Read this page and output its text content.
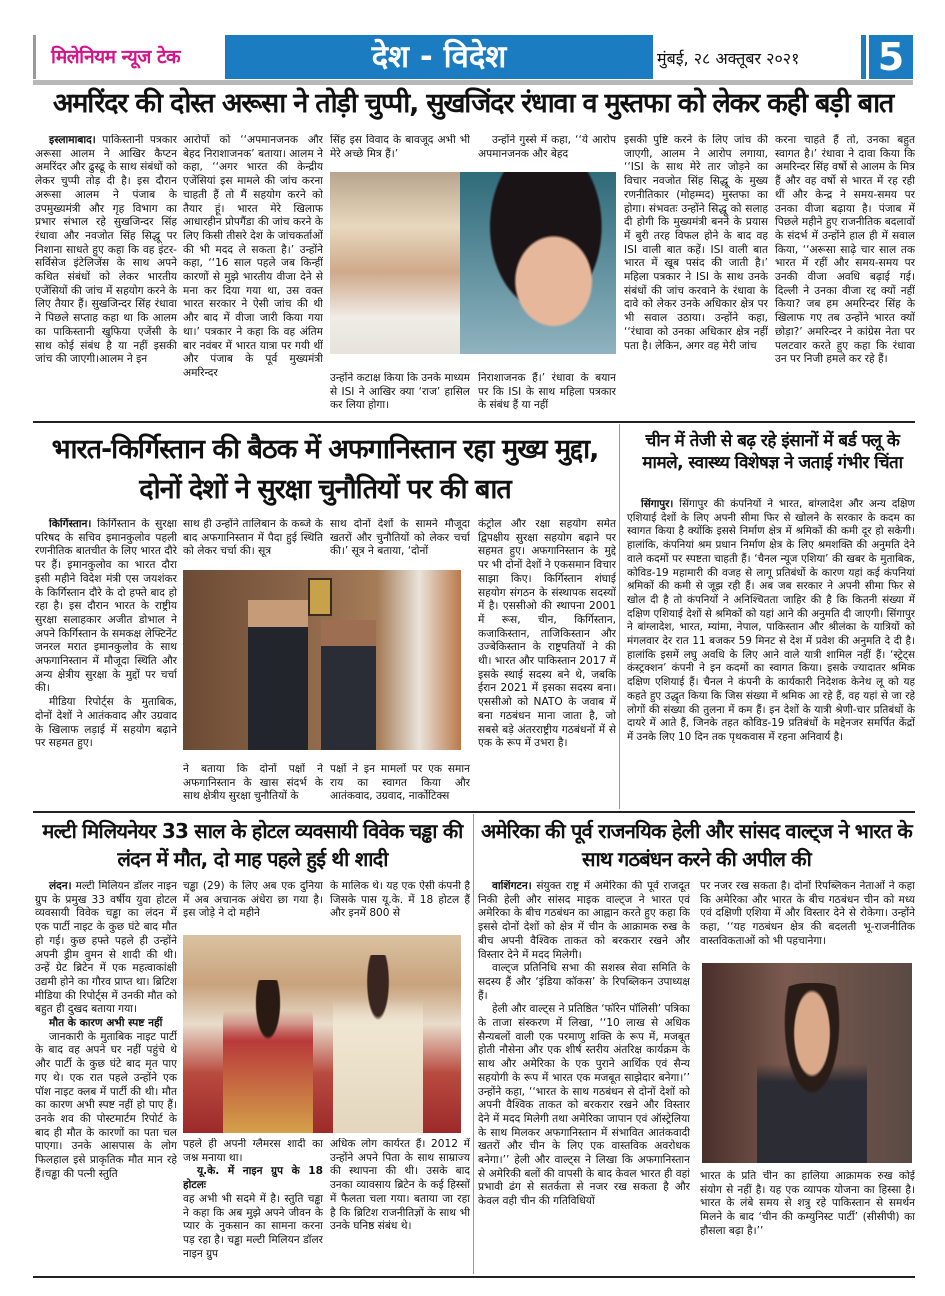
मिलेनियम न्यूज टेक	देश - विदेश	मुंबई, २८ अक्तूबर २०२१ 5
अमरिंदर की दोस्त अरूसा ने तोड़ी चुप्पी, सुखजिंदर रंधावा व मुस्तफा को लेकर कही बड़ी बात

इस्लामाबाद। पाकिस्तानी पत्रकार अरूसा आलम ने आखिर कैप्टन अमरिंदर और ढुस्ढू के साथ संबंधों को लेकर चुप्पी तोड़ दी है। इस दौरान अरूसा आलम ने पंजाब के उपमुख्यमंत्री और गृह विभाग का प्रभार संभाल रहे सुखजिन्दर सिंह रंधावा और नवजोत सिंह सिद्धू पर निशाना साधते हुए कहा कि वह इंटर-सर्विसेज इंटेलिजेंस के साथ अपने कथित संबंधों को लेकर भारतीय एजेंसियों की जांच में सहयोग करने के लिए तैयार हैं। सुखजिन्दर सिंह रंधावा ने पिछले सप्ताह कहा था कि आलम का पाकिस्तानी खुफिया एजेंसी के साथ कोई संबंध है या नहीं इसकी जांच की जाएगी।आलम ने इन

आरोपों को ‘‘अपमानजनक और बेहद निराशाजनक’ बताया। आलम ने कहा, ‘‘अगर भारत की केन्द्रीय एजेंसियां इस मामले की जांच करना चाहती हैं तो मैं सहयोग करने को तैयार हूं। भारत मेरे खिलाफ आधारहीन प्रोपगैंडा की जांच करने के लिए किसी तीसरे देश के जांचकर्ताओं की भी मदद ले सकता है।’ उन्होंने कहा, ‘‘16 साल पहले जब किन्हीं कारणों से मुझे भारतीय वीजा देने से मना कर दिया गया था, उस वक्त भारत सरकार ने ऐसी जांच की थी और बाद में वीजा जारी किया गया था।’ पत्रकार ने कहा कि वह अंतिम बार नवंबर में भारत यात्रा पर गयी थीं और पंजाब के पूर्व मुख्यमंत्री अमरिन्दर

सिंह इस विवाद के बावजूद अभी भी मेरे अच्छे मित्र हैं।’

उन्होंने गुस्से में कहा, ‘‘ये आरोप अपमानजनक और बेहद

उन्होंने कटाक्ष किया कि उनके माध्यम से ISI ने आखिर क्या ‘राज’ हासिल कर लिया होगा।

निराशाजनक हैं।’ रंधावा के बयान पर कि ISI के साथ महिला पत्रकार के संबंध हैं या नहीं

इसकी पुष्टि करने के लिए जांच की जाएगी, आलम ने आरोप लगाया, ‘‘ISI के साथ मेरे तार जोड़ने का विचार नवजोत सिंह सिद्धू के मुख्य रणनीतिकार (मोहम्मद) मुस्तफा का होगा। संभवतः उन्होंने सिद्धू को सलाह दी होगी कि मुख्यमंत्री बनने के प्रयास में बुरी तरह विफल होने के बाद वह ISI वाली बात कहें। ISI वाली बात भारत में खूब पसंद की जाती है।’ महिला पत्रकार ने ISI के साथ उनके संबंधों की जांच करवाने के रंधावा के दावे को लेकर उनके अधिकार क्षेत्र पर भी सवाल उठाया। उन्होंने कहा, ‘‘रंधावा को उनका अधिकार क्षेत्र नहीं पता है। लेकिन, अगर वह मेरी जांच

करना चाहते हैं तो, उनका बहुत स्वागत है।’ रंधावा ने दावा किया कि अमरिन्दर सिंह वर्षो से आलम के मित्र हैं और वह वर्षो से भारत में रह रही थीं और केन्द्र ने समय-समय पर उनका वीजा बढ़ाया है। पंजाब में पिछले महीने हुए राजनीतिक बदलावों के संदर्भ में उन्होंने हाल ही में सवाल किया, ‘‘अरूसा साढ़े चार साल तक भारत में रहीं और समय-समय पर उनकी वीजा अवधि बढ़ाई गई। दिल्ली ने उनका वीजा रद्द क्यों नहीं किया? जब हम अमरिन्दर सिंह के खिलाफ गए तब उन्होंने भारत क्यों छोड़ा?’ अमरिन्दर ने कांग्रेस नेता पर पलटवार करते हुए कहा कि रंधावा उन पर निजी हमले कर रहे हैं।

भारत-किर्गिस्तान की बैठक में अफगानिस्तान रहा मुख्य मुद्दा, दोनों देशों ने सुरक्षा चुनौतियों पर की बात

किर्गिस्तान। किर्गिस्तान के सुरक्षा परिषद के सचिव इमानकुलोव पहली रणनीतिक बातचीत के लिए भारत दौरे पर हैं। इमानकुलोव का भारत दौरा इसी महीने विदेश मंत्री एस जयशंकर के किर्गिस्तान दौरे के दो हफ्ते बाद हो रहा है। इस दौरान भारत के राष्ट्रीय सुरक्षा सलाहकार अजीत डोभाल ने अपने किर्गिस्तान के समकक्ष लेफ्टिनेंट जनरल मरात इमानकुलोव के साथ अफगानिस्तान में मौजूदा स्थिति और अन्य क्षेत्रीय सुरक्षा के मुद्दों पर चर्चा की।

मीडिया रिपोर्ट्स के मुताबिक, दोनों देशों ने आतंकवाद और उग्रवाद के खिलाफ लड़ाई में सहयोग बढ़ाने पर सहमत हुए।

साथ ही उन्होंने तालिबान के कब्जे के बाद अफगानिस्तान में पैदा हुई स्थिति को लेकर चर्चा की। सूत्र

साथ दोनों देशों के सामने मौजूदा खतरों और चुनौतियों को लेकर चर्चा की।’ सूत्र ने बताया, ‘दोनों

ने बताया कि दोनों पक्षों ने अफगानिस्तान के खास संदर्भ के साथ क्षेत्रीय सुरक्षा चुनौतियों के

पक्षों ने इन मामलों पर एक समान राय का स्वागत किया और आतंकवाद, उग्रवाद, नार्कोटिक्स

कंट्रोल और रक्षा सहयोग समेत द्विपक्षीय सुरक्षा सहयोग बढ़ाने पर सहमत हुए। अफगानिस्तान के मुद्दे पर भी दोनों देशों ने एकसमान विचार साझा किए। किर्गिस्तान शंघाई सहयोग संगठन के संस्थापक सदस्यों में है। एससीओ की स्थापना 2001 में रूस, चीन, किर्गिस्तान, कजाकिस्तान, ताजिकिस्तान और उज्बेकिस्तान के राष्ट्रपतियों ने की थी। भारत और पाकिस्तान 2017 में इसके स्थाई सदस्य बने थे, जबकि ईरान 2021 में इसका सदस्य बना। एससीओ को NATO के जवाब में बना गठबंधन माना जाता है, जो सबसे बड़े अंतरराष्ट्रीय गठबंधनों में से एक के रूप में उभरा है।

चीन में तेजी से बढ़ रहे इंसानों में बर्ड फ्लू के मामले, स्वास्थ्य विशेषज्ञ ने जताई गंभीर चिंता

सिंगापुर। सिंगापुर की कंपनियों ने भारत, बांग्लादेश और अन्य दक्षिण एशियाई देशों के लिए अपनी सीमा फिर से खोलने के सरकार के कदम का स्वागत किया है क्योंकि इससे निर्माण क्षेत्र में श्रमिकों की कमी दूर हो सकेगी। हालांकि, कंपनियां श्रम प्रधान निर्माण क्षेत्र के लिए श्रमशक्ति की अनुमति देने वाले कदमों पर स्पष्टता चाहती हैं। ‘चैनल न्यूज एशिया’ की खबर के मुताबिक, कोविड-19 महामारी की वजह से लागू प्रतिबंधों के कारण यहां कई कंपनियां श्रमिकों की कमी से जूझ रही हैं। अब जब सरकार ने अपनी सीमा फिर से खोल दी है तो कंपनियों ने अनिश्चितता जाहिर की है कि कितनी संख्या में दक्षिण एशियाई देशों से श्रमिकों को यहां आने की अनुमति दी जाएगी। सिंगापुर ने बांग्लादेश, भारत, म्यांमा, नेपाल, पाकिस्तान और श्रीलंका के यात्रियों को मंगलवार देर रात 11 बजकर 59 मिनट से देश में प्रवेश की अनुमति दे दी है। हालांकि इसमें लघु अवधि के लिए आने वाले यात्री शामिल नहीं हैं। ‘स्ट्रेट्स कंस्ट्रक्शन’ कंपनी ने इन कदमों का स्वागत किया। इसके ज्यादातर श्रमिक दक्षिण एशियाई हैं। चैनल ने कंपनी के कार्यकारी निदेशक केनेथ लू को यह कहते हुए उद्धृत किया कि जिस संख्या में श्रमिक आ रहे हैं, वह यहां से जा रहे लोगों की संख्या की तुलना में कम हैं। इन देशों के यात्री श्रेणी-चार प्रतिबंधों के दायरे में आते हैं, जिनके तहत कोविड-19 प्रतिबंधों के मद्देनजर समर्पित केंद्रों में उनके लिए 10 दिन तक पृथकवास में रहना अनिवार्य है।

मल्टी मिलियनेयर 33 साल के होटल व्यवसायी विवेक चड्ढा की लंदन में मौत, दो माह पहले हुई थी शादी

लंदन। मल्टी मिलियन डॉलर नाइन ग्रुप के प्रमुख 33 वर्षीय युवा होटल व्यवसायी विवेक चड्ढा का लंदन में एक पार्टी नाइट के कुछ घंटे बाद मौत हो गई। कुछ हफ्ते पहले ही उन्होंने अपनी ड्रीम वुमन से शादी की थी। उन्हें ग्रेट ब्रिटेन में एक महत्वाकांक्षी उद्यमी होने का गौरव प्राप्त था। ब्रिटिश मीडिया की रिपोर्ट्स में उनकी मौत को बहुत ही दुखद बताया गया।

मौत के कारण अभी स्पष्ट नहीं

जानकारी के मुताबिक नाइट पार्टी के बाद वह अपने घर नहीं पहुंचे थे और पार्टी के कुछ घंटे बाद मृत पाए गए थे। एक रात पहले उन्होंने एक पॉश नाइट क्लब में पार्टी की थी। मौत का कारण अभी स्पष्ट नहीं हो पाए हैं। उनके शव की पोस्टमार्टम रिपोर्ट के बाद ही मौत के कारणों का पता चल पाएगा। उनके आसपास के लोग फिलहाल इसे प्राकृतिक मौत मान रहे हैं।चड्ढा की पत्नी स्तुति

चड्ढा (29) के लिए अब एक दुनिया में अब अचानक अंधेरा छा गया है। इस जोड़े ने दो महीने

के मालिक थे। यह एक ऐसी कंपनी है जिसके पास यू.के. में 18 होटल हैं और इनमें 800 से

पहले ही अपनी ग्लैमरस शादी का जश्न मनाया था।

यू.के. में नाइन ग्रुप के 18 होटलः

वह अभी भी सदमे में है। स्तुति चड्ढा ने कहा कि अब मुझे अपने जीवन के प्यार के नुकसान का सामना करना पड़ रहा है। चड्ढा मल्टी मिलियन डॉलर नाइन ग्रुप

अधिक लोग कार्यरत हैं। 2012 में उन्होंने अपने पिता के साथ साम्राज्य की स्थापना की थी। उसके बाद उनका व्यावसाय ब्रिटेन के कई हिस्सों में फैलता चला गया। बताया जा रहा है कि ब्रिटिश राजनीतिज्ञों के साथ भी उनके घनिष्ठ संबंध थे।

अमेरिका की पूर्व राजनयिक हेली और सांसद वाल्ट्ज ने भारत के साथ गठबंधन करने की अपील की

वाशिंगटन। संयुक्त राष्ट्र में अमेरिका की पूर्व राजदूत निकी हेली और सांसद माइक वाल्ट्ज ने भारत एवं अमेरिका के बीच गठबंधन का आह्वान करते हुए कहा कि इससे दोनों देशों को क्षेत्र में चीन के आक्रामक रुख के बीच अपनी वैश्विक ताकत को बरकरार रखने और विस्तार देने में मदद मिलेगी।

वाल्ट्ज प्रतिनिधि सभा की सशस्त्र सेवा समिति के सदस्य हैं और ‘इंडिया कॉकस’ के रिपब्लिकन उपाध्यक्ष हैं।

हेली और वाल्ट्स ने प्रतिष्ठित ‘फॉरेन पॉलिसी’ पत्रिका के ताजा संस्करण में लिखा, ‘‘10 लाख से अधिक सैन्यबलों वाली एक परमाणु शक्ति के रूप में, मजबूत होती नौसेना और एक शीर्ष स्तरीय अंतरिक्ष कार्यक्रम के साथ और अमेरिका के एक पुराने आर्थिक एवं सैन्य सहयोगी के रूप में भारत एक मजबूत साझेदार बनेगा।’’ उन्होंने कहा, ‘‘भारत के साथ गठबंधन से दोनों देशों को अपनी वैश्विक ताकत को बरकरार रखने और विस्तार देने में मदद मिलेगी तथा अमेरिका जापान एवं ऑस्ट्रेलिया के साथ मिलकर अफगानिस्तान में संभावित आतंकवादी खतरों और चीन के लिए एक वास्तविक अवरोधक बनेगा।’’ हेली और वाल्ट्स ने लिखा कि अफगानिस्तान से अमेरिकी बलों की वापसी के बाद केवल भारत ही वहां प्रभावी ढंग से सतर्कता से नजर रख सकता है और केवल वही चीन की गतिविधियों

पर नजर रख सकता है। दोनों रिपब्लिकन नेताओं ने कहा कि अमेरिका और भारत के बीच गठबंधन चीन को मध्य एवं दक्षिणी एशिया में और विस्तार देने से रोकेगा। उन्होंने कहा, ‘‘यह गठबंधन क्षेत्र की बदलती भू-राजनीतिक वास्तविकताओं को भी पहचानेगा।

भारत के प्रति चीन का हालिया आक्रामक रुख कोई संयोग से नहीं है। यह एक व्यापक योजना का हिस्सा है। भारत के लंबे समय से शत्रु रहे पाकिस्तान से समर्थन मिलने के बाद ‘चीन की कम्युनिस्ट पार्टी’ (सीसीपी) का हौसला बढ़ा है।’’
